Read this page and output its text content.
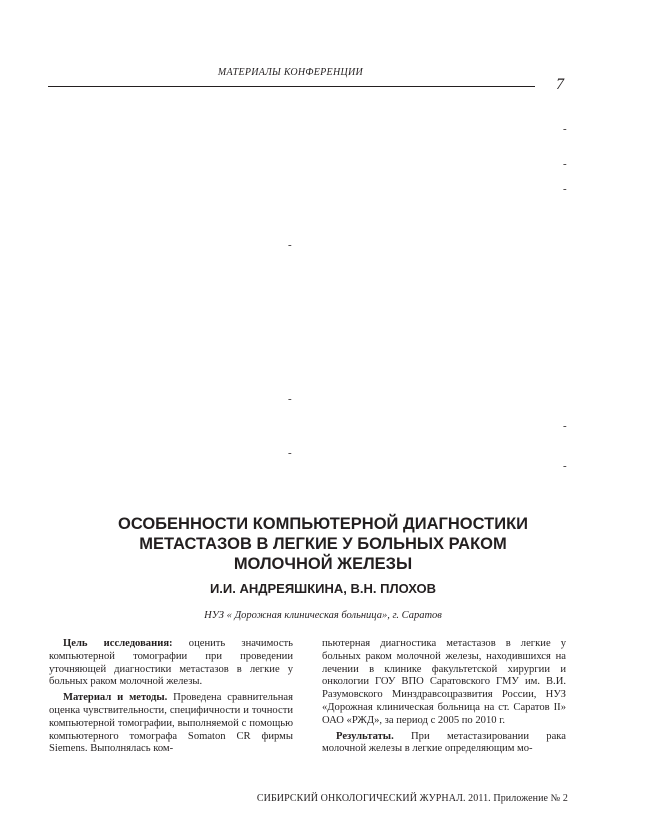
МАТЕРИАЛЫ КОНФЕРЕНЦИИ
7
-
-
-
-
-
-
-
-
ОСОБЕННОСТИ КОМПЬЮТЕРНОЙ ДИАГНОСТИКИ
МЕТАСТАЗОВ В ЛЕГКИЕ У БОЛЬНЫХ РАКОМ
МОЛОЧНОЙ ЖЕЛЕЗЫ
И.И. АНДРЕЯШКИНА, В.Н. ПЛОХОВ
НУЗ « Дорожная клиническая больница», г. Саратов

Цель исследования: оценить значимость компьютерной томографии при проведении уточняющей диагностики метастазов в легкие у больных раком молочной железы.

Материал и методы. Проведена сравнительная оценка чувствительности, специфичности и точности компьютерной томографии, выполняемой с помощью компьютерного томографа Somaton CR фирмы Siemens. Выполнялась ком-

пьютерная диагностика метастазов в легкие у больных раком молочной железы, находившихся на лечении в клинике факультетской хирургии и онкологии ГОУ ВПО Саратовского ГМУ им. В.И. Разумовского Минздравсоцразвития России, НУЗ «Дорожная клиническая больница на ст. Саратов II» ОАО «РЖД», за период с 2005 по 2010 г.

Результаты. При метастазировании рака молочной железы в легкие определяющим мо-

СИБИРСКИЙ ОНКОЛОГИЧЕСКИЙ ЖУРНАЛ. 2011. Приложение № 2
